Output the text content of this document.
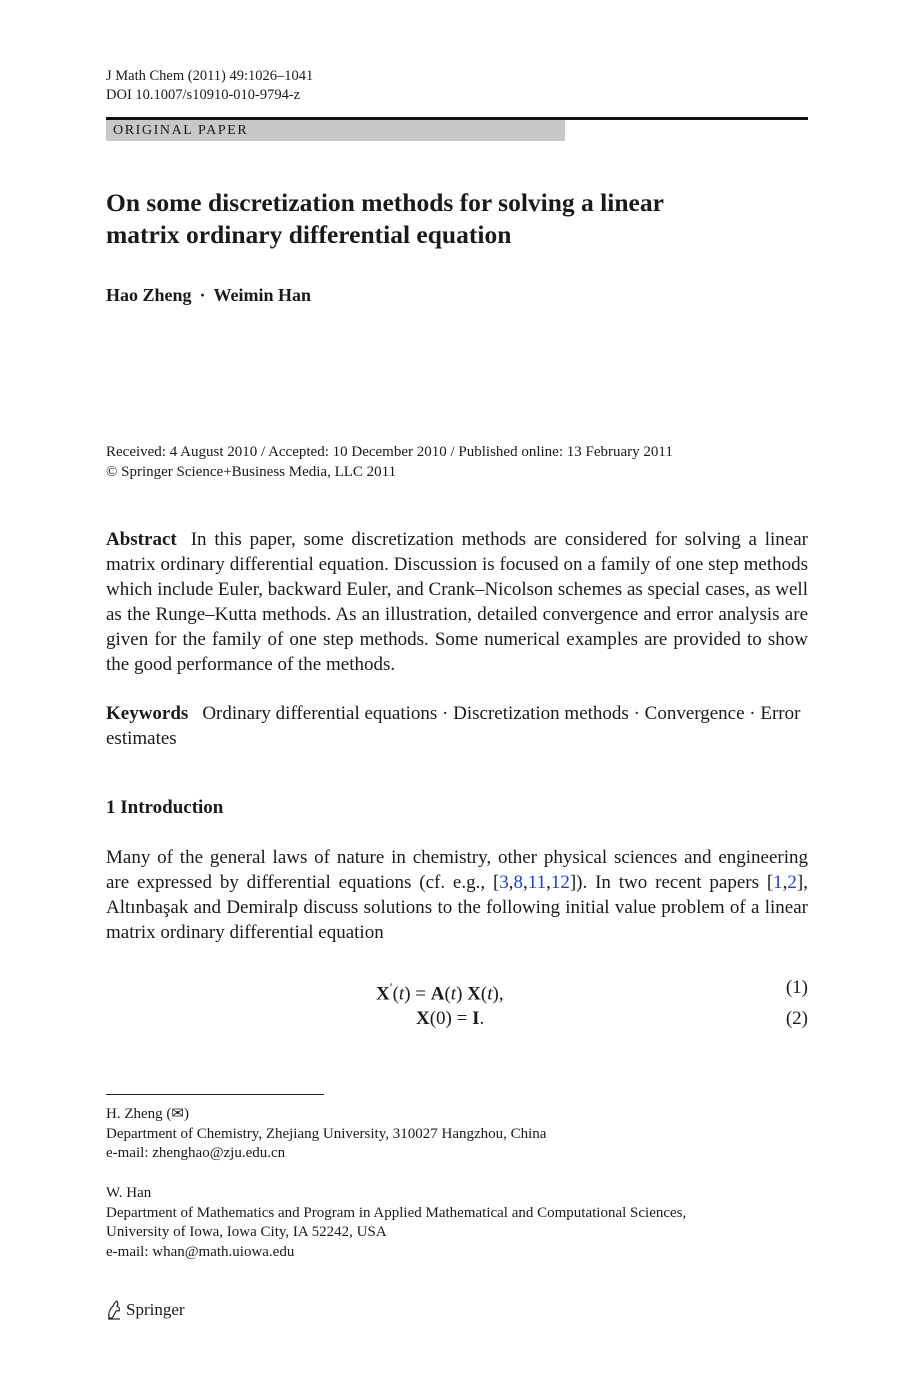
J Math Chem (2011) 49:1026–1041
DOI 10.1007/s10910-010-9794-z
ORIGINAL PAPER
On some discretization methods for solving a linear
matrix ordinary differential equation
Hao Zheng · Weimin Han
Received: 4 August 2010 / Accepted: 10 December 2010 / Published online: 13 February 2011
© Springer Science+Business Media, LLC 2011
Abstract In this paper, some discretization methods are considered for solving a linear matrix ordinary differential equation. Discussion is focused on a family of one step methods which include Euler, backward Euler, and Crank–Nicolson schemes as special cases, as well as the Runge–Kutta methods. As an illustration, detailed convergence and error analysis are given for the family of one step methods. Some numerical examples are provided to show the good performance of the methods.
Keywords Ordinary differential equations · Discretization methods · Convergence · Error estimates
1 Introduction
Many of the general laws of nature in chemistry, other physical sciences and engineering are expressed by differential equations (cf. e.g., [3,8,11,12]). In two recent papers [1,2], Altınbaşak and Demiralp discuss solutions to the following initial value problem of a linear matrix ordinary differential equation
X′(t) = A(t) X(t),	(1)
X(0) = I.	(2)
H. Zheng (✉)
Department of Chemistry, Zhejiang University, 310027 Hangzhou, China
e-mail: zhenghao@zju.edu.cn
W. Han
Department of Mathematics and Program in Applied Mathematical and Computational Sciences,
University of Iowa, Iowa City, IA 52242, USA
e-mail: whan@math.uiowa.edu
Springer
